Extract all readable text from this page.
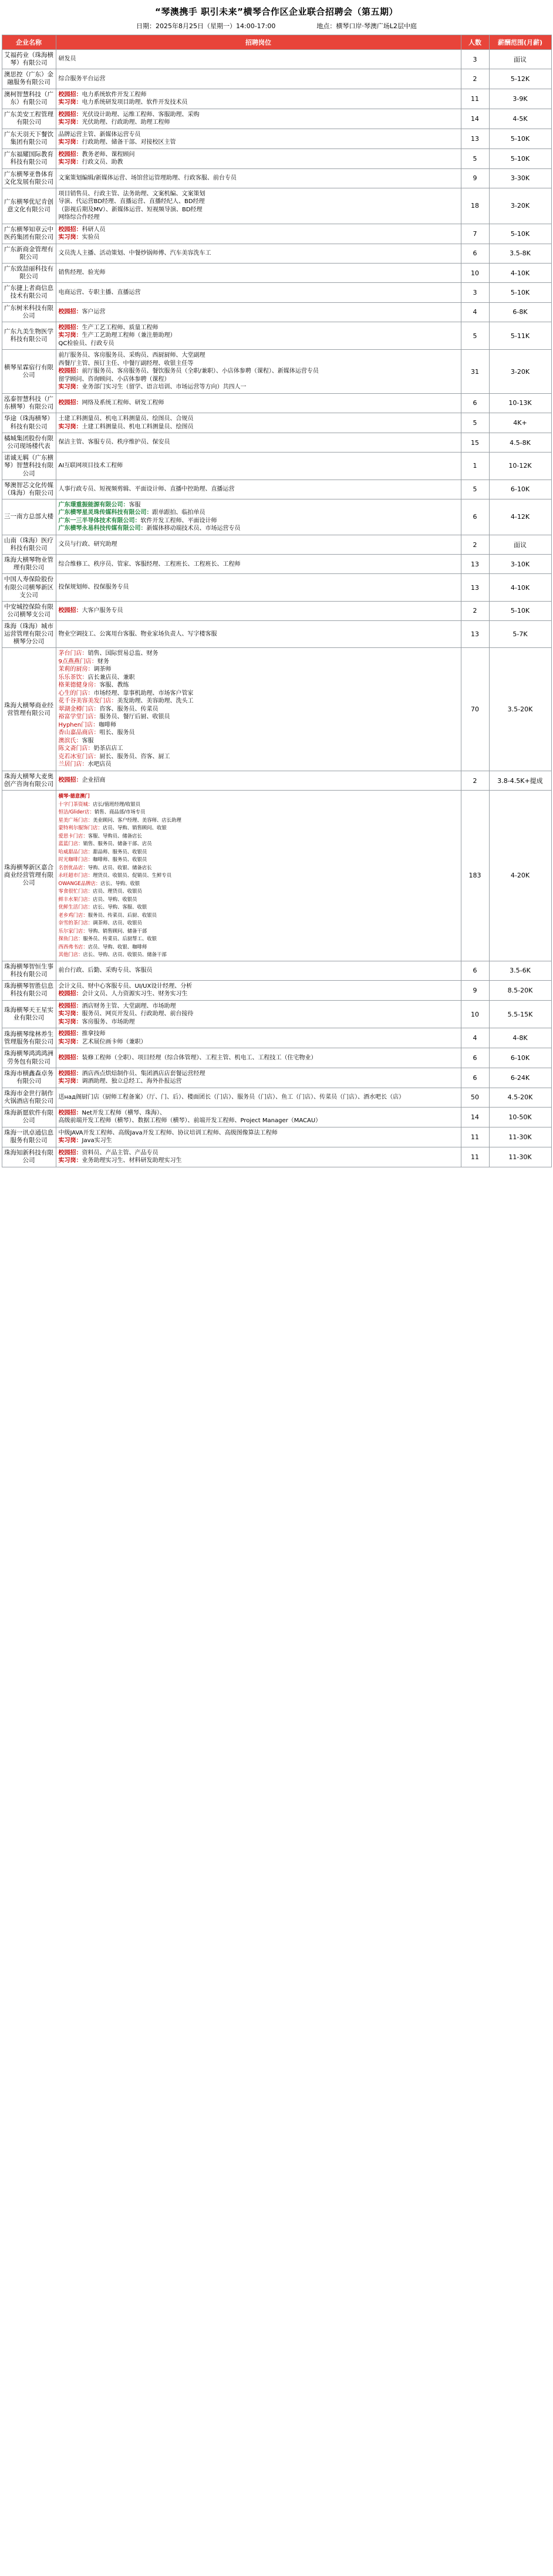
“琴澳携手 职引未来”横琴合作区企业联合招聘会（第五期）
日期：2025年8月25日（星期一）14:00-17:00	地点：横琴口岸·琴澳广场L2层中庭
企业名称	招聘岗位	人数	薪酬范围(月薪)
艾福药业（珠海横琴）有限公司	研发员	3	面议
澳思控（广东）金融服务有限公司	综合服务平台运营	2	5-12K
澳柯智慧科技（广东）有限公司	校园招：电力系统软件开发工程师
实习岗：电力系统研发项目助理、软件开发技术员	11	3-9K
广东美安工程管理有限公司	校园招：光伏设计助理、运维工程师、客服助理、采购
实习岗：光伏助理、行政助理、助理工程师	14	4-5K
广东天羽天下餐饮集团有限公司	品牌运营主管、新媒体运营专员
实习岗：行政助理、储备干部、对接校区主管	13	5-10K
广东福耀国际教育科技有限公司	校园招：教务老师、课程顾问
实习岗：行政文员、助教	5	5-10K
广东横琴亚鲁体育文化发展有限公司	文案策划编辑/新媒体运营、场馆营运管理助理、行政客服、前台专员	9	3-30K
广东横琴优尼肯创意文化有限公司	项目销售员、行政主管、法务助理、文案机编、文案策划
导演、代运营BD经理、直播运营、直播经纪人、BD经理
（影视后期及MV）、新媒体运营、短视频导演、BD经理
网络综合作经理	18	3-20K
广东横琴知章云中医药集团有限公司	校园招：科研人员
实习岗：实验员	7	5-10K
广东新商金管理有限公司	文员洗人主播、活动策划、中餐炒锅师傅、汽车美容洗车工	6	3.5-8K
广东致喆丽科技有限公司	销售经理、验光师	10	4-10K
广东捷上者商信息技术有限公司	电商运营、专职主播、直播运营	3	5-10K
广东树米科技有限公司	校园招：客户运营	4	6-8K
广东九美生物医学科技有限公司	校园招：生产工艺工程师、质量工程师
实习岗：生产工艺助理工程师（兼注册助理）
QC检验员、行政专员	5	5-11K
横琴星霖宿行有限公司	前厅服务员、客房服务员、采购员、西厨厨师、大堂副理
西餐厅主管、预订主任、中餐厅副经理、收银主任等
校园招：前厅服务员、客房服务员、餐饮服务员（全职/兼职）、小店体参聘（课程）、新媒体运营专员
留学顾问、咨询顾问、小店体参聘（课程）
实习岗：业务部门实习生（留学、语言培训、市场运营等方向）共四人一	31	3-20K
泓泰智慧科技（广东横琴）有限公司	校园招：网络及系统工程师、研发工程师	6	10-13K
华途（珠海横琴）科技有限公司	土建工料测量员、机电工料测量员、绘图员、合规员
实习岗：土建工料测量员、机电工料测量员、绘图员	5	4K+
橘城集团股份有限公司现场楼代表	保洁主管、客服专员、秩序维护员、保安员	15	4.5-8K
诺诚无羁（广东横琴）智慧科技有限公司	AI互联网项目技术工程师	1	10-12K
琴澳智芯文化传媒（珠海）有限公司	人事行政专员、短视频剪辑、平面设计师、直播中控助理、直播运营	5	6-10K
三一南方总部大楼	广东璟重振能源有限公司：客服
广东横琴星灵珠传媒科技有限公司：跟单跟拍、临拍单员
广东一三半导体技术有限公司：软件开发工程师、平面设计师
广东横琴永易科技传媒有限公司：新媒体移动端技术员、市场运营专员	6	4-12K
山南（珠海）医疗科技有限公司	文员与行政、研究助理	2	面议
珠海大横琴物业管理有限公司	综合维修工、秩序员、管家、客服经理、工程班长、工程班长、工程师	13	3-10K
中国人寿保险股份有限公司横琴新区支公司	投保规划师、投保服务专员	13	4-10K
中安城控保险有限公司横琴支公司	校园招：大客户服务专员	2	5-10K
珠海（珠海）城市运营管理有限公司横琴分公司	物业空调技工、公寓用台客服、物业家场负责人、写字楼客服	13	5-7K
珠海大横琴商业经营管理有限公司	茅台门店：销售、国际贸易总监、财务
9点燕燕门店：财务
茉莉的厨房：调茶师
乐乐茶饮：店长兼店员、兼职
格莱德健身房：客服、教练
心生的门店：市场经理、靠事机助理、市场客户管家
花千谷美容美发门店：美发助理、美容助理、洗头工
翠湖金樽门店：咨客、服务员、传菜员
裕富学堂门店：服务员、餐厅后厨、收银员
Hyphen门店：咖啡师
香山嘉品商店：咀长、服务员
澳滨氏：客服
陈文斋门店：奶茶店店工
克若冰室门店：厨长、服务员、咨客、厨工
兰居门店：水吧店员
	70	3.5-20K
珠海大横琴大麦奥创产咨询有限公司	校园招：企业招商	2	3.8-4.5K+提成
珠海横琴新区嘉合商业经营管理有限公司	横琴·德意澳门
十字门茶资城：店长/值班经理/收银员
恒洁/Glider店：销售、商品部/市场专员
星美广场门店：美业顾问、客户经理、美容师、店长助理
蒙特利尔服饰门店：店员、导购、销售顾问、收银
爱思卡门店：客服、导购员、储备店长
蓝蓝门店：销售、服务员、储备干部、店员
哈威甜品门店：甜品师、服务员、收银员
时光咖啡门店：咖啡师、服务员、收银员
名创优品店：导购、店员、收银、储备店长
永旺超市门店：理货员、收银员、促销员、生鲜专员
OWANGE品牌店：店长、导购、收银
零食很忙门店：店员、理货员、收银员
鲜丰水果门店：店员、导购、收银员
优鲜生活门店：店长、导购、客服、收银
老乡鸡门店：服务员、传菜员、后厨、收银员
奈雪的茶门店：调茶师、店员、收银员
乐尔家门店：导购、销售顾问、储备干部
探鱼门店：服务员、传菜员、后厨帮工、收银
西西弗书店：店员、导购、收银、咖啡师
其他门店：店长、导购、店员、收银员、储备干部	183	4-20K
珠海横琴智恒生事科技有限公司	前台行政、后勤、采购专员、客服员	6	3.5-6K
珠海横琴智胜信息科技有限公司	会计文员、财中心客服专员、UI/UX设计经理、分析
校园招：会计文员、人力资源实习生、财务实习生	9	8.5-20K
珠海横琴天王星实业有限公司	校园招：酒店财务主管、大堂副理、市场助理
实习岗：服务员、网页开发员、行政助理、前台接待
实习岗：客房服务、市场助理	10	5.5-15K
珠海横琴缘林养生管理服务有限公司	校园招：推拿技师
实习岗：艺术展位画卡师（兼职）	4	4-8K
珠海横琴鸿鸿鸿洲劳务包有限公司	校园招：装修工程师（全职）、项目经理（综合体管理）、工程主管、机电工、工程技工（住宅物业）	6	6-10K
珠海市横鑫森卓务有限公司	校园招：酒店西点烘焙制作员、集团酒店店套餐运营经理
实习岗：调酒助理、独立总经工、海外扑报运营	6	6-24K
珠海市金世行制作火锅酒店有限公司	送над阁厨门店（厨师工程备案）（厅、门、后）、楼面团长（门店）、服务员（门店）、鱼工（门店）、传菜员（门店）、酒水吧长（店）	50	4.5-20K
珠海新愿软件有限公司	校园招：Net开发工程师（横琴、珠海）、
高级前端开发工程师（横琴）、数据工程师（横琴）、前端开发工程师、Project Manager（MACAU）	14	10-50K
珠海一讯卓通信息服务有限公司	中级JAVA开发工程师、高级Java开发工程师、协议培训工程师、高级图像算法工程师
实习岗：Java实习生	11	11-30K
珠海知新科技有限公司	校园招：资料员、产品主管、产品专员
实习岗：业务助理实习生、材料研发助理实习生	11	11-30K
